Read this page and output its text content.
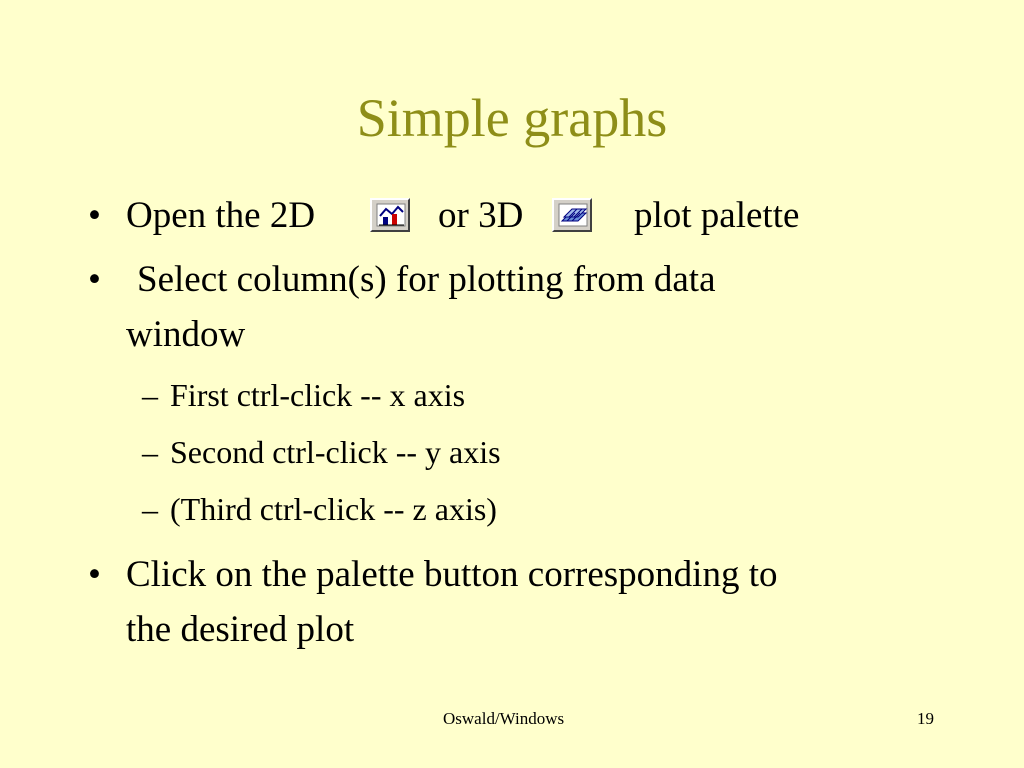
Simple graphs
• Open the 2D	or 3D	plot palette
• Select column(s) for plotting from data
window
– First ctrl-click -- x axis
– Second ctrl-click -- y axis
– (Third ctrl-click -- z axis)
• Click on the palette button corresponding to
the desired plot
Oswald/Windows	19
